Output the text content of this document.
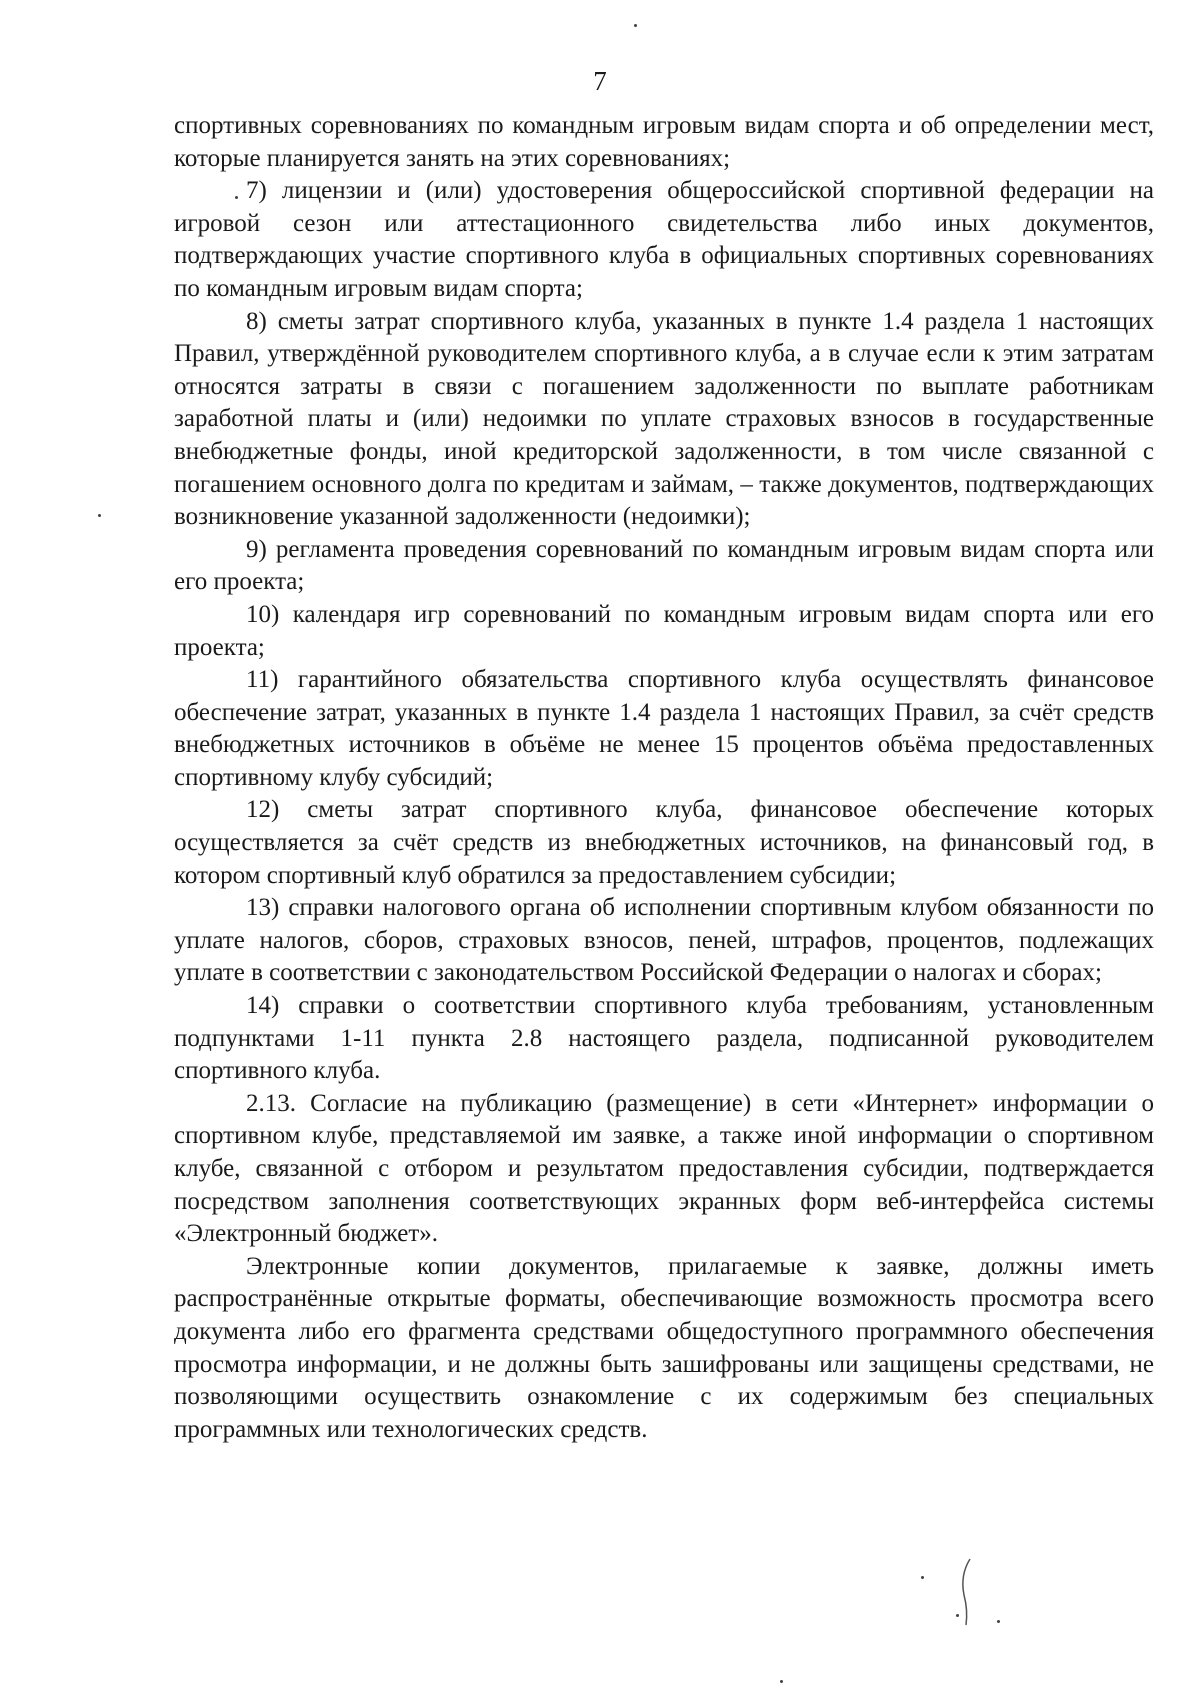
7

спортивных соревнованиях по командным игровым видам спорта и об определении мест, которые планируется занять на этих соревнованиях;

7) лицензии и (или) удостоверения общероссийской спортивной федерации на игровой сезон или аттестационного свидетельства либо иных документов, подтверждающих участие спортивного клуба в официальных спортивных соревнованиях по командным игровым видам спорта;

8) сметы затрат спортивного клуба, указанных в пункте 1.4 раздела 1 настоящих Правил, утверждённой руководителем спортивного клуба, а в случае если к этим затратам относятся затраты в связи с погашением задолженности по выплате работникам заработной платы и (или) недоимки по уплате страховых взносов в государственные внебюджетные фонды, иной кредиторской задолженности, в том числе связанной с погашением основного долга по кредитам и займам, – также документов, подтверждающих возникновение указанной задолженности (недоимки);

9) регламента проведения соревнований по командным игровым видам спорта или его проекта;

10) календаря игр соревнований по командным игровым видам спорта или его проекта;

11) гарантийного обязательства спортивного клуба осуществлять финансовое обеспечение затрат, указанных в пункте 1.4 раздела 1 настоящих Правил, за счёт средств внебюджетных источников в объёме не менее 15 процентов объёма предоставленных спортивному клубу субсидий;

12) сметы затрат спортивного клуба, финансовое обеспечение которых осуществляется за счёт средств из внебюджетных источников, на финансовый год, в котором спортивный клуб обратился за предоставлением субсидии;

13) справки налогового органа об исполнении спортивным клубом обязанности по уплате налогов, сборов, страховых взносов, пеней, штрафов, процентов, подлежащих уплате в соответствии с законодательством Российской Федерации о налогах и сборах;

14) справки о соответствии спортивного клуба требованиям, установленным подпунктами 1-11 пункта 2.8 настоящего раздела, подписанной руководителем спортивного клуба.

2.13. Согласие на публикацию (размещение) в сети «Интернет» информации о спортивном клубе, представляемой им заявке, а также иной информации о спортивном клубе, связанной с отбором и результатом предоставления субсидии, подтверждается посредством заполнения соответствующих экранных форм веб-интерфейса системы «Электронный бюджет».

Электронные копии документов, прилагаемые к заявке, должны иметь распространённые открытые форматы, обеспечивающие возможность просмотра всего документа либо его фрагмента средствами общедоступного программного обеспечения просмотра информации, и не должны быть зашифрованы или защищены средствами, не позволяющими осуществить ознакомление с их содержимым без специальных программных или технологических средств.
